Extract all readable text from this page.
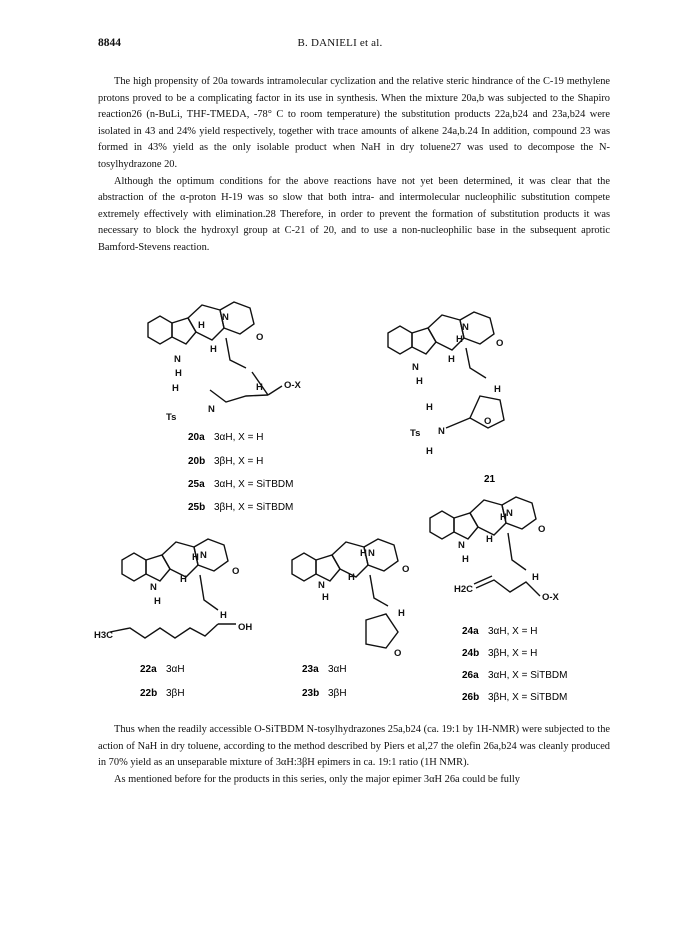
8844	B. DANIELI et al.

The high propensity of 20a towards intramolecular cyclization and the relative steric hindrance of the C-19 methylene protons proved to be a complicating factor in its use in synthesis. When the mixture 20a,b was subjected to the Shapiro reaction26 (n-BuLi, THF-TMEDA, -78° C to room temperature) the substitution products 22a,b24 and 23a,b24 were isolated in 43 and 24% yield respectively, together with trace amounts of alkene 24a,b.24 In addition, compound 23 was formed in 43% yield as the only isolable product when NaH in dry toluene27 was used to decompose the N-tosylhydrazone 20.

Although the optimum conditions for the above reactions have not yet been determined, it was clear that the abstraction of the α-proton H-19 was so slow that both intra- and intermolecular nucleophilic substitution compete extremely effectively with elimination.28 Therefore, in order to prevent the formation of substitution products it was necessary to block the hydroxyl group at C-21 of 20, and to use a non-nucleophilic base in the subsequent aprotic Bamford-Stevens reaction.

N
N
O
H
H
H
H	H
Ts
N
O-X
20a 3αH, X = H
20b 3βH, X = H
25a 3αH, X = SiTBDM
25b 3βH, X = SiTBDM
N
N
O
O
H
H
H
H
H
Ts N
H
21
H3C
OH
N
N
O
H
H
H
H
22a 3αH
22b 3βH
N
N
O
O
H
H
H
H
23a 3αH
23b 3βH
N
N
O
H
H
H
H
H2C
O-X
24a 3αH, X = H
24b 3βH, X = H
26a 3αH, X = SiTBDM
26b 3βH, X = SiTBDM

Thus when the readily accessible O-SiTBDM N-tosylhydrazones 25a,b24 (ca. 19:1 by 1H-NMR) were subjected to the action of NaH in dry toluene, according to the method described by Piers et al,27 the olefin 26a,b24 was cleanly produced in 70% yield as an unseparable mixture of 3αH:3βH epimers in ca. 19:1 ratio (1H NMR).

As mentioned before for the products in this series, only the major epimer 3αH 26a could be fully
